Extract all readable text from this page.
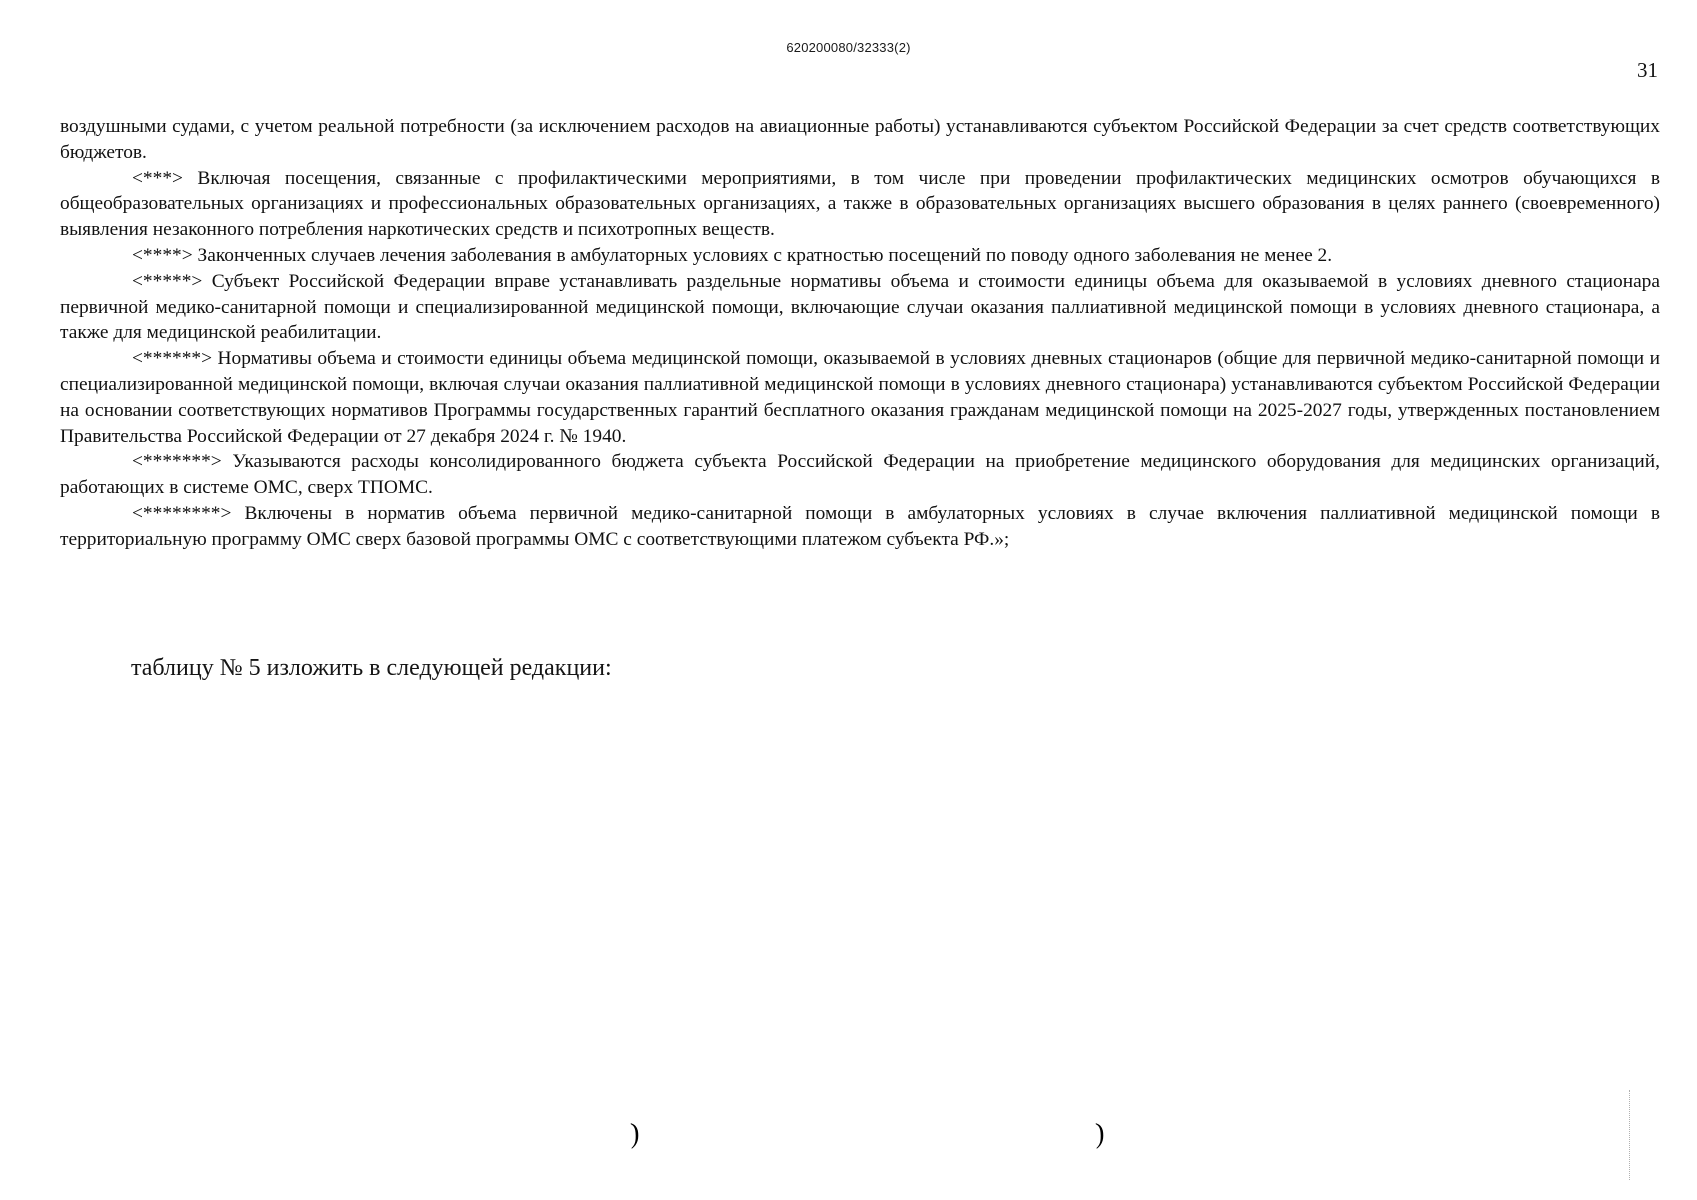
620200080/32333(2)
31

воздушными судами, с учетом реальной потребности (за исключением расходов на авиационные работы) устанавливаются субъектом Российской Федерации за счет средств соответствующих бюджетов.

<***> Включая посещения, связанные с профилактическими мероприятиями, в том числе при проведении профилактических медицинских осмотров обучающихся в общеобразовательных организациях и профессиональных образовательных организациях, а также в образовательных организациях высшего образования в целях раннего (своевременного) выявления незаконного потребления наркотических средств и психотропных веществ.

<****> Законченных случаев лечения заболевания в амбулаторных условиях с кратностью посещений по поводу одного заболевания не менее 2.

<*****> Субъект Российской Федерации вправе устанавливать раздельные нормативы объема и стоимости единицы объема для оказываемой в условиях дневного стационара первичной медико-санитарной помощи и специализированной медицинской помощи, включающие случаи оказания паллиативной медицинской помощи в условиях дневного стационара, а также для медицинской реабилитации.

<******> Нормативы объема и стоимости единицы объема медицинской помощи, оказываемой в условиях дневных стационаров (общие для первичной медико-санитарной помощи и специализированной медицинской помощи, включая случаи оказания паллиативной медицинской помощи в условиях дневного стационара) устанавливаются субъектом Российской Федерации на основании соответствующих нормативов Программы государственных гарантий бесплатного оказания гражданам медицинской помощи на 2025-2027 годы, утвержденных постановлением Правительства Российской Федерации от 27 декабря 2024 г. № 1940.

<*******> Указываются расходы консолидированного бюджета субъекта Российской Федерации на приобретение медицинского оборудования для медицинских организаций, работающих в системе ОМС, сверх ТПОМС.

<********> Включены в норматив объема первичной медико-санитарной помощи в амбулаторных условиях в случае включения паллиативной медицинской помощи в территориальную программу ОМС сверх базовой программы ОМС с соответствующими платежом субъекта РФ.»;

таблицу № 5 изложить в следующей редакции:
)	)
